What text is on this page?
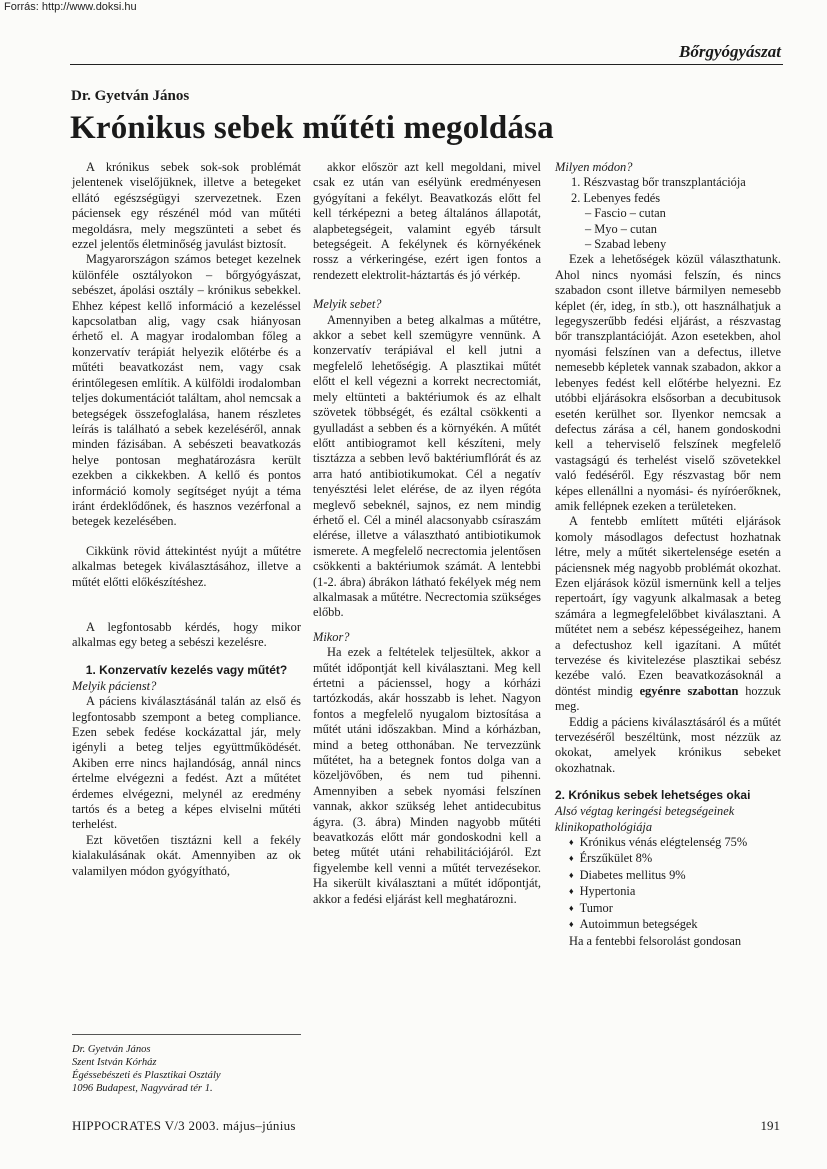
Forrás: http://www.doksi.hu
Bőrgyógyászat
Dr. Gyetván János
Krónikus sebek műtéti megoldása

A krónikus sebek sok-sok problémát jelentenek viselőjüknek, illetve a betegeket ellátó egészségügyi szervezetnek. Ezen páciensek egy részénél mód van műtéti megoldásra, mely megszünteti a sebet és ezzel jelentős életminőség javulást biztosít.

Magyarországon számos beteget kezelnek különféle osztályokon – bőrgyógyászat, sebészet, ápolási osztály – krónikus sebekkel. Ehhez képest kellő információ a kezeléssel kapcsolatban alig, vagy csak hiányosan érhető el. A magyar irodalomban főleg a konzervatív terápiát helyezik előtérbe és a műtéti beavatkozást nem, vagy csak érintőlegesen említik. A külföldi irodalomban teljes dokumentációt találtam, ahol nemcsak a betegségek összefoglalása, hanem részletes leírás is található a sebek kezeléséről, annak minden fázisában. A sebészeti beavatkozás helye pontosan meghatározásra került ezekben a cikkekben. A kellő és pontos információ komoly segítséget nyújt a téma iránt érdeklődőnek, és hasznos vezérfonal a betegek kezelésében.

Cikkünk rövid áttekintést nyújt a műtétre alkalmas betegek kiválasztásához, illetve a műtét előtti előkészítéshez.

A legfontosabb kérdés, hogy mikor alkalmas egy beteg a sebészi kezelésre.

1. Konzervatív kezelés vagy műtét?
Melyik pácienst?

A páciens kiválasztásánál talán az első és legfontosabb szempont a beteg compliance. Ezen sebek fedése kockázattal jár, mely igényli a beteg teljes együttműködését. Akiben erre nincs hajlandóság, annál nincs értelme elvégezni a fedést. Azt a műtétet érdemes elvégezni, melynél az eredmény tartós és a beteg a képes elviselni műtéti terhelést.

Ezt követően tisztázni kell a fekély kialakulásának okát. Amennyiben az ok valamilyen módon gyógyítható,

Dr. Gyetván János
Szent István Kórház
Égéssebészeti és Plasztikai Osztály
1096 Budapest, Nagyvárad tér 1.

akkor először azt kell megoldani, mivel csak ez után van esélyünk eredményesen gyógyítani a fekélyt. Beavatkozás előtt fel kell térképezni a beteg általános állapotát, alapbetegségeit, valamint egyéb társult betegségeit. A fekélynek és környékének rossz a vérkeringése, ezért igen fontos a rendezett elektrolit-háztartás és jó vérkép.

Melyik sebet?

Amennyiben a beteg alkalmas a műtétre, akkor a sebet kell szemügyre vennünk. A konzervatív terápiával el kell jutni a megfelelő lehetőségig. A plasztikai műtét előtt el kell végezni a korrekt necrectomiát, mely eltünteti a baktériumok és az elhalt szövetek többségét, és ezáltal csökkenti a gyulladást a sebben és a környékén. A műtét előtt antibiogramot kell készíteni, mely tisztázza a sebben levő baktériumflórát és az arra ható antibiotikumokat. Cél a negatív tenyésztési lelet elérése, de az ilyen régóta meglevő sebeknél, sajnos, ez nem mindig érhető el. Cél a minél alacsonyabb csíraszám elérése, illetve a választható antibiotikumok ismerete. A megfelelő necrectomia jelentősen csökkenti a baktériumok számát. A lentebbi (1-2. ábra) ábrákon látható fekélyek még nem alkalmasak a műtétre. Necrectomia szükséges előbb.

Mikor?

Ha ezek a feltételek teljesültek, akkor a műtét időpontját kell kiválasztani. Meg kell értetni a pácienssel, hogy a kórházi tartózkodás, akár hosszabb is lehet. Nagyon fontos a megfelelő nyugalom biztosítása a műtét utáni időszakban. Mind a kórházban, mind a beteg otthonában. Ne tervezzünk műtétet, ha a betegnek fontos dolga van a közeljövőben, és nem tud pihenni. Amennyiben a sebek nyomási felszínen vannak, akkor szükség lehet antidecubitus ágyra. (3. ábra) Minden nagyobb műtéti beavatkozás előtt már gondoskodni kell a beteg műtét utáni rehabilitációjáról. Ezt figyelembe kell venni a műtét tervezésekor. Ha sikerült kiválasztani a műtét időpontját, akkor a fedési eljárást kell meghatározni.

Milyen módon?
1. Részvastag bőr transzplantációja
2. Lebenyes fedés
– Fascio – cutan
– Myo – cutan
– Szabad lebeny

Ezek a lehetőségek közül választhatunk. Ahol nincs nyomási felszín, és nincs szabadon csont illetve bármilyen nemesebb képlet (ér, ideg, ín stb.), ott használhatjuk a legegyszerűbb fedési eljárást, a részvastag bőr transzplantációját. Azon esetekben, ahol nyomási felszínen van a defectus, illetve nemesebb képletek vannak szabadon, akkor a lebenyes fedést kell előtérbe helyezni. Ez utóbbi eljárásokra elsősorban a decubitusok esetén kerülhet sor. Ilyenkor nemcsak a defectus zárása a cél, hanem gondoskodni kell a teherviselő felszínek megfelelő vastagságú és terhelést viselő szövetekkel való fedéséről. Egy részvastag bőr nem képes ellenállni a nyomási- és nyíróerőknek, amik fellépnek ezeken a területeken.

A fentebb említett műtéti eljárások komoly másodlagos defectust hozhatnak létre, mely a műtét sikertelensége esetén a páciensnek még nagyobb problémát okozhat. Ezen eljárások közül ismernünk kell a teljes repertoárt, így vagyunk alkalmasak a beteg számára a legmegfelelőbbet kiválasztani. A műtétet nem a sebész képességeihez, hanem a defectushoz kell igazítani. A műtét tervezése és kivitelezése plasztikai sebész kezébe való. Ezen beavatkozásoknál a döntést mindig egyénre szabottan hozzuk meg.

Eddig a páciens kiválasztásáról és a műtét tervezéséről beszéltünk, most nézzük az okokat, amelyek krónikus sebeket okozhatnak.

2. Krónikus sebek lehetséges okai
Alsó végtag keringési betegségeinek klinikopathológiája
♦ Krónikus vénás elégtelenség 75%
♦ Érszűkület 8%
♦ Diabetes mellitus 9%
♦ Hypertonia
♦ Tumor
♦ Autoimmun betegségek

Ha a fentebbi felsorolást gondosan

HIPPOCRATES V/3 2003. május–június	191
